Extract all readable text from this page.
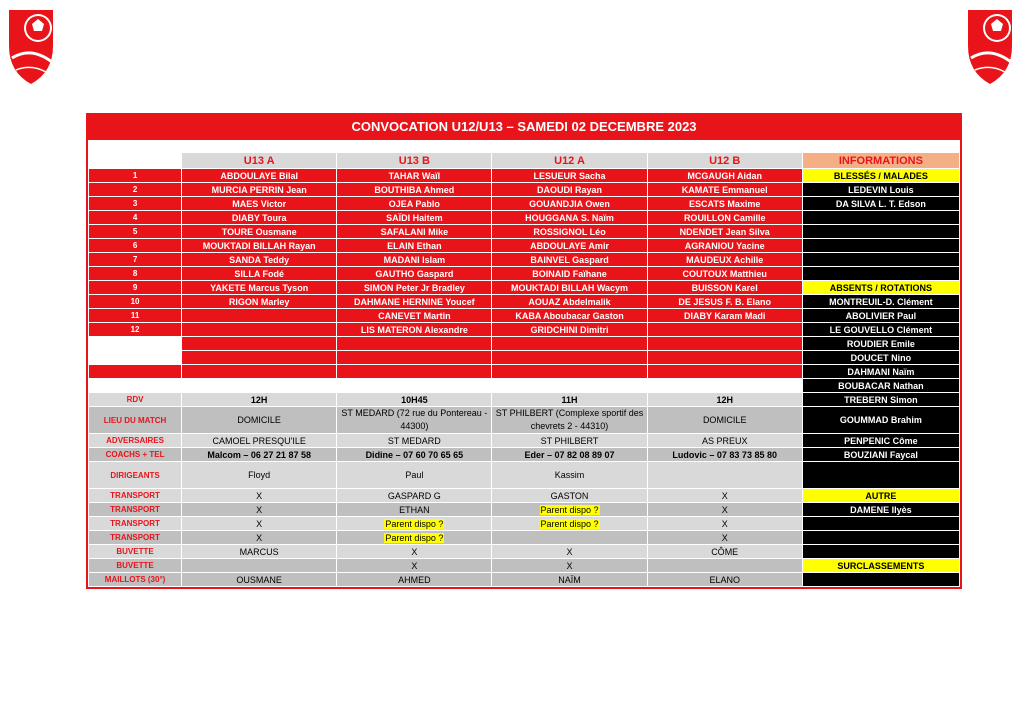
CONVOCATION U12/U13 – SAMEDI 02 DECEMBRE 2023
	U13 A	U13 B	U12 A	U12 B	INFORMATIONS
1	ABDOULAYE Bilal	TAHAR Waïl	LESUEUR Sacha	MCGAUGH Aidan	BLESSÉS / MALADES
2	MURCIA PERRIN Jean	BOUTHIBA Ahmed	DAOUDI Rayan	KAMATE Emmanuel	LEDEVIN Louis
3	MAES Victor	OJEA Pablo	GOUANDJIA Owen	ESCATS Maxime	DA SILVA L. T. Edson
4	DIABY Toura	SAÏDI Haitem	HOUGGANA S. Naïm	ROUILLON Camille	
5	TOURE Ousmane	SAFALANI Mike	ROSSIGNOL Léo	NDENDET Jean Silva	
6	MOUKTADI BILLAH Rayan	ELAIN Ethan	ABDOULAYE Amir	AGRANIOU Yacine	
7	SANDA Teddy	MADANI Islam	BAINVEL Gaspard	MAUDEUX Achille	
8	SILLA Fodé	GAUTHO Gaspard	BOINAID Faïhane	COUTOUX Matthieu	
9	YAKETE Marcus Tyson	SIMON Peter Jr Bradley	MOUKTADI BILLAH Wacym	BUISSON Karel	ABSENTS / ROTATIONS
10	RIGON Marley	DAHMANE HERNINE Youcef	AOUAZ Abdelmalik	DE JESUS F. B. Elano	MONTREUIL-D. Clément
11		CANEVET Martin	KABA Aboubacar Gaston	DIABY Karam Madi	ABOLIVIER Paul
12		LIS MATERON Alexandre	GRIDCHINI Dimitri		LE GOUVELLO Clément
					ROUDIER Emile
					DOUCET Nino
					DAHMANI Naïm
					BOUBACAR Nathan
RDV	12H	10H45	11H	12H	TREBERN Simon
LIEU DU MATCH	DOMICILE	ST MEDARD (72 rue du Pontereau - 44300)	ST PHILBERT (Complexe sportif des chevrets 2 - 44310)	DOMICILE	GOUMMAD Brahim
ADVERSAIRES	CAMOEL PRESQU'ILE	ST MEDARD	ST PHILBERT	AS PREUX	PENPENIC Côme
COACHS + TEL	Malcom – 06 27 21 87 58	Didine – 07 60 70 65 65	Eder – 07 82 08 89 07	Ludovic – 07 83 73 85 80	BOUZIANI Faycal
DIRIGEANTS	Floyd	Paul	Kassim		
TRANSPORT	X	GASPARD G	GASTON	X	AUTRE
TRANSPORT	X	ETHAN	Parent dispo ?	X	DAMENE Ilyès
TRANSPORT	X	Parent dispo ?	Parent dispo ?	X	
TRANSPORT	X	Parent dispo ?		X	
BUVETTE	MARCUS	X	X	CÔME	
BUVETTE		X	X		SURCLASSEMENTS
MAILLOTS (30°)	OUSMANE	AHMED	NAÏM	ELANO	
